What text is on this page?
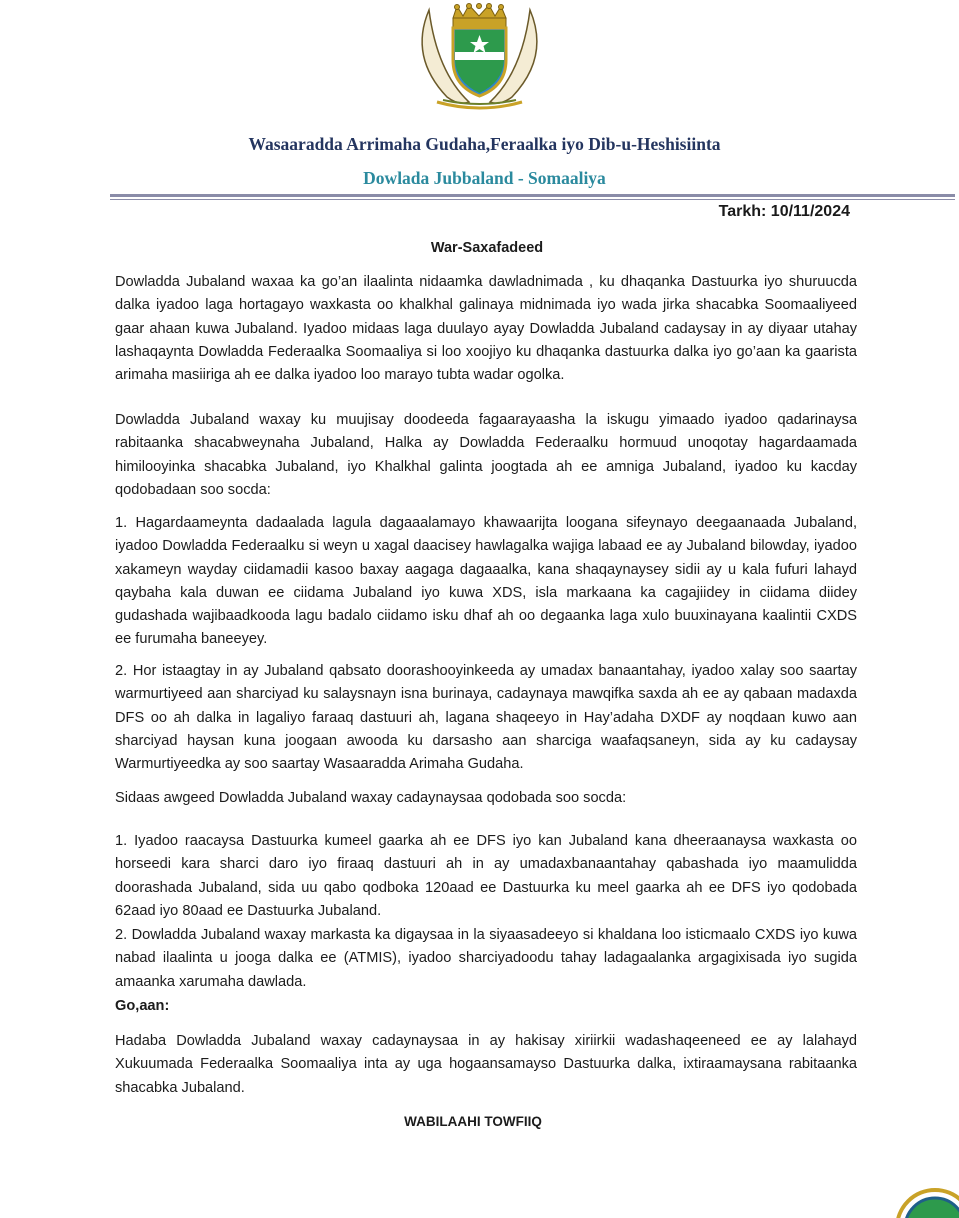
Wasaaradda Arrimaha Gudaha,Feraalka iyo Dib-u-Heshisiinta
Dowlada Jubbaland - Somaaliya
Tarkh: 10/11/2024
War-Saxafadeed

Dowladda Jubaland waxaa ka go’an ilaalinta nidaamka dawladnimada , ku dhaqanka Dastuurka iyo shuruucda dalka iyadoo laga hortagayo waxkasta oo khalkhal galinaya midnimada iyo wada jirka shacabka Soomaaliyeed gaar ahaan kuwa Jubaland. Iyadoo midaas laga duulayo ayay Dowladda Jubaland cadaysay in ay diyaar utahay lashaqaynta Dowladda Federaalka Soomaaliya si loo xoojiyo ku dhaqanka dastuurka dalka iyo go’aan ka gaarista arimaha masiiriga ah ee dalka iyadoo loo marayo tubta wadar ogolka.

Dowladda Jubaland waxay ku muujisay doodeeda fagaarayaasha la iskugu yimaado iyadoo qadarinaysa rabitaanka shacabweynaha Jubaland, Halka ay Dowladda Federaalku hormuud unoqotay hagardaamada himilooyinka shacabka Jubaland, iyo Khalkhal galinta joogtada ah ee amniga Jubaland, iyadoo ku kacday qodobadaan soo socda:

1. Hagardaameynta dadaalada lagula dagaaalamayo khawaarijta loogana sifeynayo deegaanaada Jubaland, iyadoo Dowladda Federaalku si weyn u xagal daacisey hawlagalka wajiga labaad ee ay Jubaland bilowday, iyadoo xakameyn wayday ciidamadii kasoo baxay aagaga dagaaalka, kana shaqaynaysey sidii ay u kala fufuri lahayd qaybaha kala duwan ee ciidama Jubaland iyo kuwa XDS, isla markaana ka cagajiidey in ciidama diidey gudashada wajibaadkooda lagu badalo ciidamo isku dhaf ah oo degaanka laga xulo buuxinayana kaalintii CXDS ee furumaha baneeyey.

2. Hor istaagtay in ay Jubaland qabsato doorashooyinkeeda ay umadax banaantahay, iyadoo xalay soo saartay warmurtiyeed aan sharciyad ku salaysnayn isna burinaya, cadaynaya mawqifka saxda ah ee ay qabaan madaxda DFS oo ah dalka in lagaliyo faraaq dastuuri ah, lagana shaqeeyo in Hay’adaha DXDF ay noqdaan kuwo aan sharciyad haysan kuna joogaan awooda ku darsasho aan sharciga waafaqsaneyn, sida ay ku cadaysay Warmurtiyeedka ay soo saartay Wasaaradda Arimaha Gudaha.

Sidaas awgeed Dowladda Jubaland waxay cadaynaysaa qodobada soo socda:

1. Iyadoo raacaysa Dastuurka kumeel gaarka ah ee DFS iyo kan Jubaland kana dheeraanaysa waxkasta oo horseedi kara sharci daro iyo firaaq dastuuri ah in ay umadaxbanaantahay qabashada iyo maamulidda doorashada Jubaland, sida uu qabo qodboka 120aad ee Dastuurka ku meel gaarka ah ee DFS iyo qodobada 62aad iyo 80aad ee Dastuurka Jubaland.

2. Dowladda Jubaland waxay markasta ka digaysaa in la siyaasadeeyo si khaldana loo isticmaalo CXDS iyo kuwa nabad ilaalinta u jooga dalka ee (ATMIS), iyadoo sharciyadoodu tahay ladagaalanka argagixisada iyo sugida amaanka xarumaha dawlada.

Go,aan:

Hadaba Dowladda Jubaland waxay cadaynaysaa in ay hakisay xiriirkii wadashaqeeneed ee ay lalahayd Xukuumada Federaalka Soomaaliya inta ay uga hogaansamayso Dastuurka dalka, ixtiraamaysana rabitaanka shacabka Jubaland.

WABILAAHI TOWFIIQ
